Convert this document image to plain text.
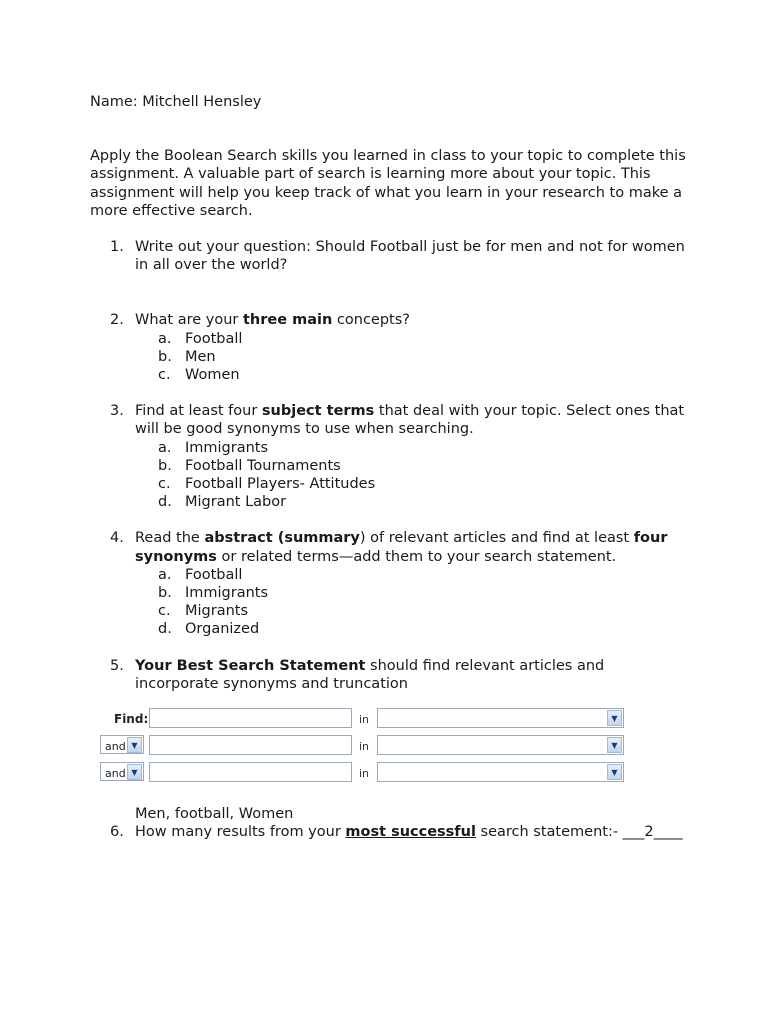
Name: Mitchell Hensley

Apply the Boolean Search skills you learned in class to your topic to complete this assignment. A valuable part of search is learning more about your topic. This assignment will help you keep track of what you learn in your research to make a more effective search.

1. Write out your question: Should Football just be for men and not for women in all over the world?
2. What are your three main concepts?
a. Football
b. Men
c. Women
3. Find at least four subject terms that deal with your topic. Select ones that will be good synonyms to use when searching.
a. Immigrants
b. Football Tournaments
c. Football Players- Attitudes
d. Migrant Labor
4. Read the abstract (summary) of relevant articles and find at least four synonyms or related terms—add them to your search statement.
a. Football
b. Immigrants
c. Migrants
d. Organized
5. Your Best Search Statement should find relevant articles and incorporate synonyms and truncation
Find:	in	▼
and ▼	in	▼
and ▼	in	▼
Men, football, Women
6. How many results from your most successful search statement:- ___2____
